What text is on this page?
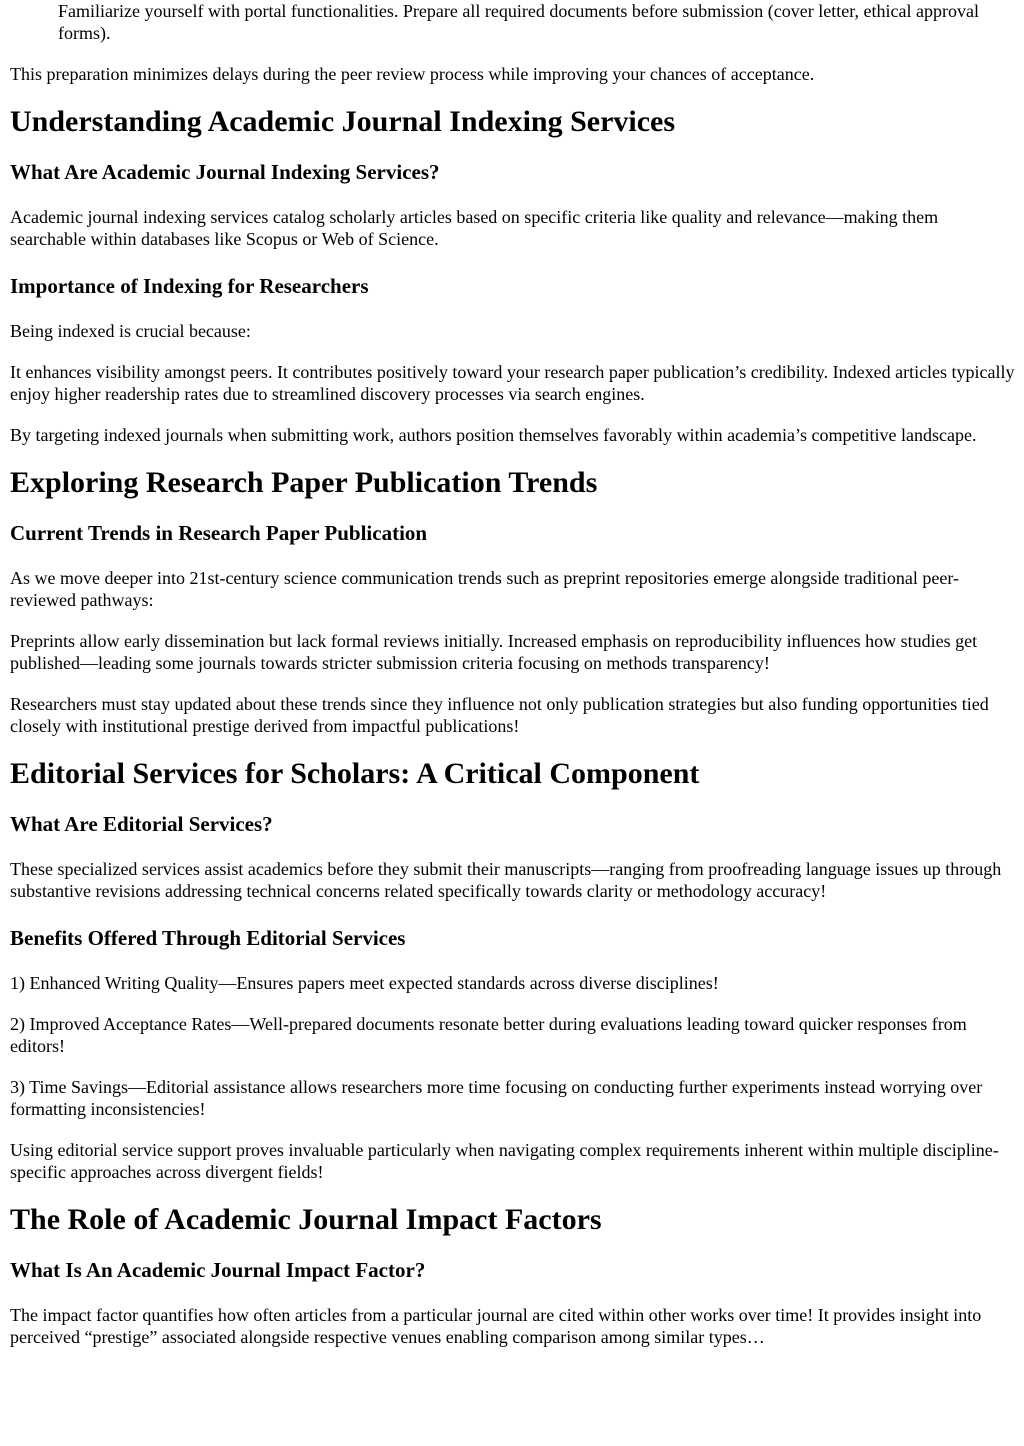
Familiarize yourself with portal functionalities. Prepare all required documents before submission (cover letter, ethical approval forms).

This preparation minimizes delays during the peer review process while improving your chances of acceptance.

Understanding Academic Journal Indexing Services
What Are Academic Journal Indexing Services?

Academic journal indexing services catalog scholarly articles based on specific criteria like quality and relevance—making them searchable within databases like Scopus or Web of Science.

Importance of Indexing for Researchers

Being indexed is crucial because:

It enhances visibility amongst peers. It contributes positively toward your research paper publication’s credibility. Indexed articles typically enjoy higher readership rates due to streamlined discovery processes via search engines.

By targeting indexed journals when submitting work, authors position themselves favorably within academia’s competitive landscape.

Exploring Research Paper Publication Trends
Current Trends in Research Paper Publication

As we move deeper into 21st-century science communication trends such as preprint repositories emerge alongside traditional peer-reviewed pathways:

Preprints allow early dissemination but lack formal reviews initially. Increased emphasis on reproducibility influences how studies get published—leading some journals towards stricter submission criteria focusing on methods transparency!

Researchers must stay updated about these trends since they influence not only publication strategies but also funding opportunities tied closely with institutional prestige derived from impactful publications!

Editorial Services for Scholars: A Critical Component
What Are Editorial Services?

These specialized services assist academics before they submit their manuscripts—ranging from proofreading language issues up through substantive revisions addressing technical concerns related specifically towards clarity or methodology accuracy!

Benefits Offered Through Editorial Services

1) Enhanced Writing Quality—Ensures papers meet expected standards across diverse disciplines!

2) Improved Acceptance Rates—Well-prepared documents resonate better during evaluations leading toward quicker responses from editors!

3) Time Savings—Editorial assistance allows researchers more time focusing on conducting further experiments instead worrying over formatting inconsistencies!

Using editorial service support proves invaluable particularly when navigating complex requirements inherent within multiple discipline-specific approaches across divergent fields!

The Role of Academic Journal Impact Factors
What Is An Academic Journal Impact Factor?

The impact factor quantifies how often articles from a particular journal are cited within other works over time! It provides insight into perceived “prestige” associated alongside respective venues enabling comparison among similar types…
